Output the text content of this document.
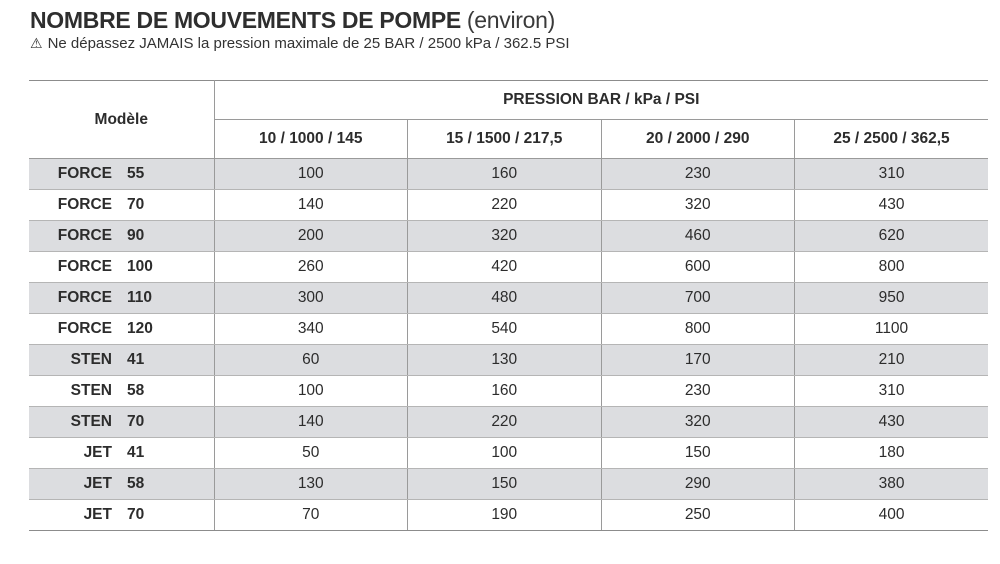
NOMBRE DE MOUVEMENTS DE POMPE (environ)
⚠ Ne dépassez JAMAIS la pression maximale de 25 BAR / 2500 kPa / 362.5 PSI
Modèle	PRESSION BAR / kPa / PSI			
	10 / 1000 / 145	15 / 1500 / 217,5	20 / 2000 / 290	25 / 2500 / 362,5
FORCE 55	100	160	230	310
FORCE 70	140	220	320	430
FORCE 90	200	320	460	620
FORCE 100	260	420	600	800
FORCE 110	300	480	700	950
FORCE 120	340	540	800	1100
STEN 41	60	130	170	210
STEN 58	100	160	230	310
STEN 70	140	220	320	430
JET 41	50	100	150	180
JET 58	130	150	290	380
JET 70	70	190	250	400
